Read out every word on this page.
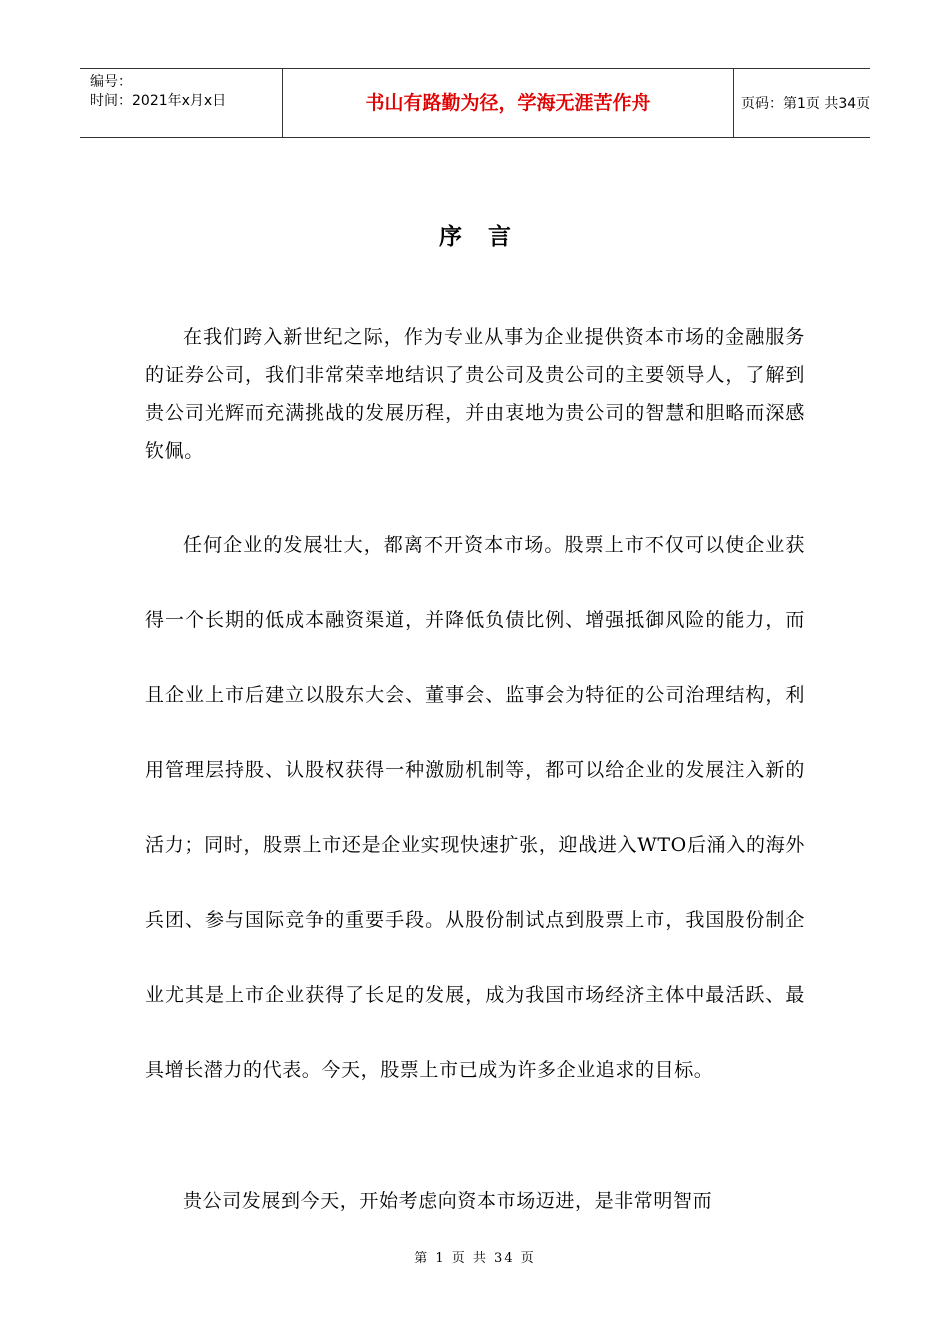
编号：
时间：2021年x月x日	书山有路勤为径，学海无涯苦作舟	页码：第1页 共34页
序言

在我们跨入新世纪之际，作为专业从事为企业提供资本市场的金融服务的证券公司，我们非常荣幸地结识了贵公司及贵公司的主要领导人，了解到贵公司光辉而充满挑战的发展历程，并由衷地为贵公司的智慧和胆略而深感钦佩。

任何企业的发展壮大，都离不开资本市场。股票上市不仅可以使企业获得一个长期的低成本融资渠道，并降低负债比例、增强抵御风险的能力，而且企业上市后建立以股东大会、董事会、监事会为特征的公司治理结构，利用管理层持股、认股权获得一种激励机制等，都可以给企业的发展注入新的活力；同时，股票上市还是企业实现快速扩张，迎战进入WTO后涌入的海外兵团、参与国际竞争的重要手段。从股份制试点到股票上市，我国股份制企业尤其是上市企业获得了长足的发展，成为我国市场经济主体中最活跃、最具增长潜力的代表。今天，股票上市已成为许多企业追求的目标。

贵公司发展到今天，开始考虑向资本市场迈进，是非常明智而

第 1 页 共 34 页
